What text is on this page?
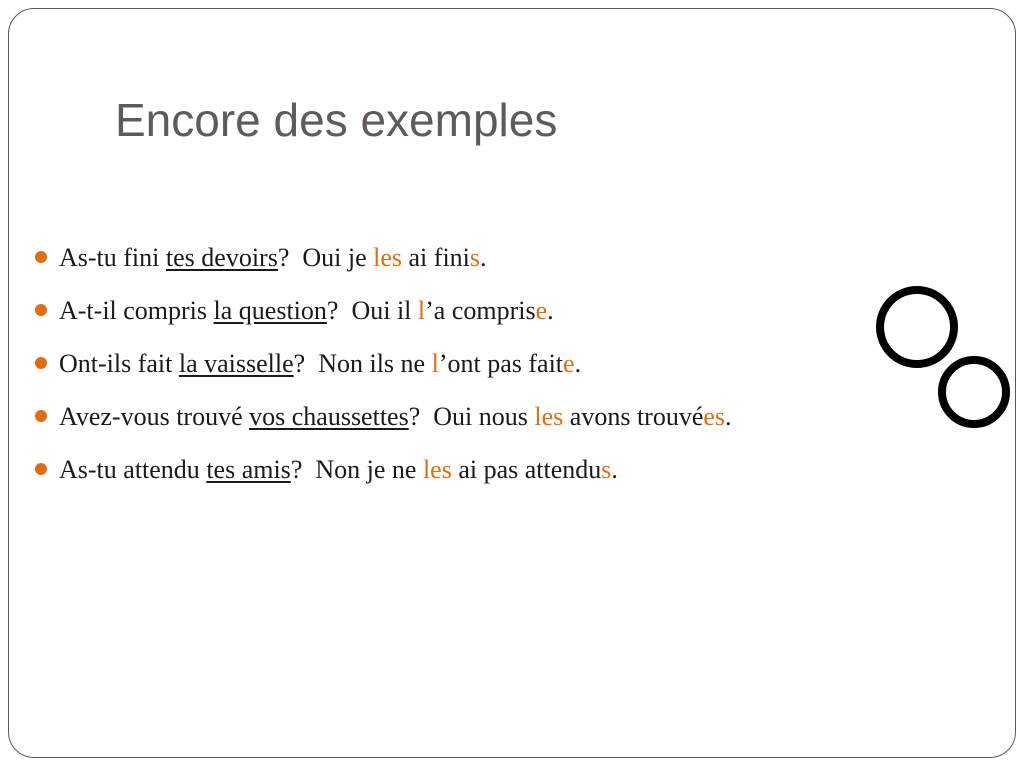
Encore des exemples
As-tu fini tes devoirs?  Oui je les ai finis.
A-t-il compris la question?  Oui il l’a comprise.
Ont-ils fait la vaisselle?  Non ils ne l’ont pas faite.
Avez-vous trouvé vos chaussettes?  Oui nous les avons trouvées.
As-tu attendu tes amis?  Non je ne les ai pas attendus.
